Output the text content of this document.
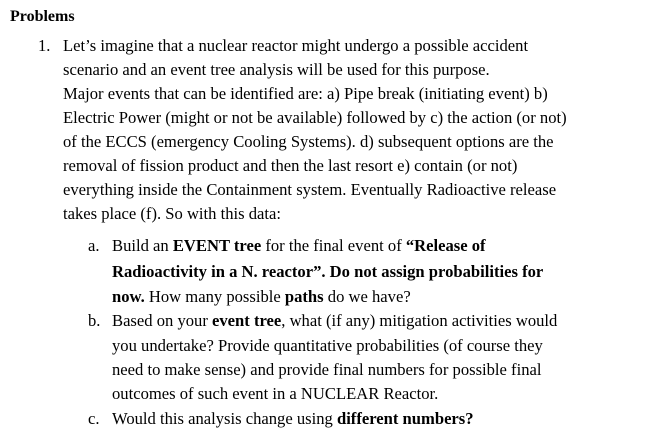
Problems
1. Let’s imagine that a nuclear reactor might undergo a possible accident
scenario and an event tree analysis will be used for this purpose.
Major events that can be identified are: a) Pipe break (initiating event) b)
Electric Power (might or not be available) followed by c) the action (or not)
of the ECCS (emergency Cooling Systems). d) subsequent options are the
removal of fission product and then the last resort e) contain (or not)
everything inside the Containment system. Eventually Radioactive release
takes place (f). So with this data:
a. Build an EVENT tree for the final event of “Release of
Radioactivity in a N. reactor”. Do not assign probabilities for
now. How many possible paths do we have?
b. Based on your event tree, what (if any) mitigation activities would
you undertake? Provide quantitative probabilities (of course they
need to make sense) and provide final numbers for possible final
outcomes of such event in a NUCLEAR Reactor.
c. Would this analysis change using different numbers?
